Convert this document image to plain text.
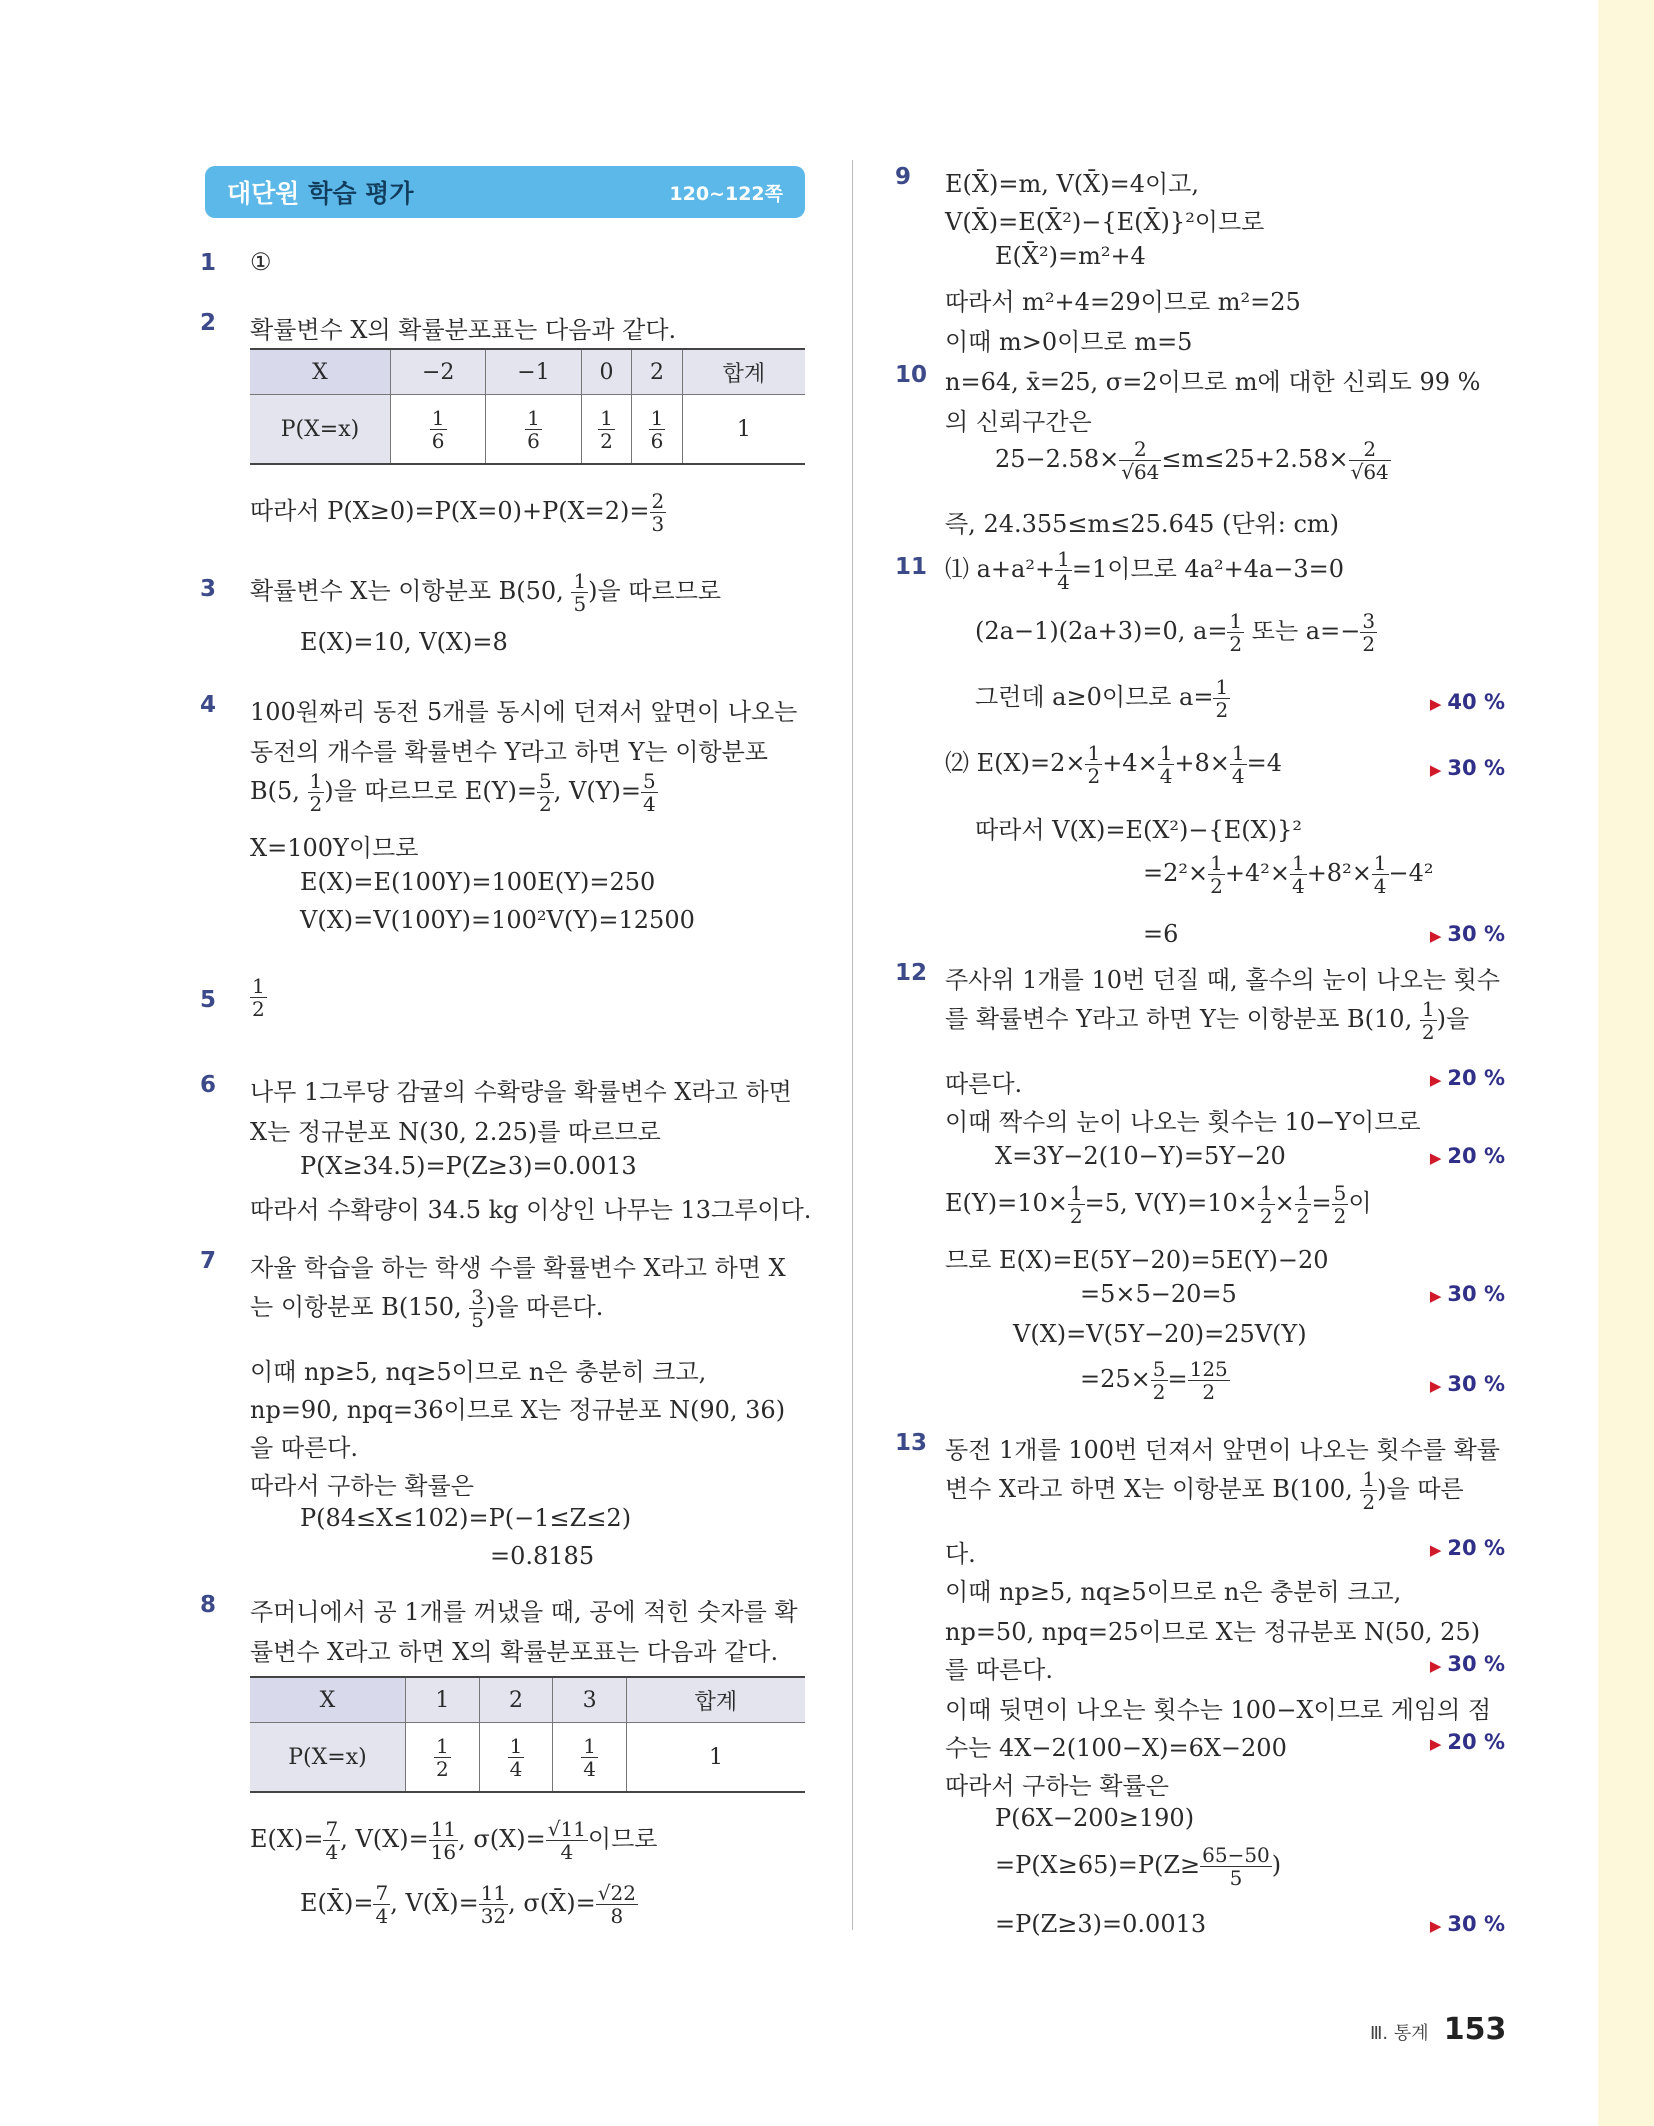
대단원 학습 평가	120~122쪽
1 ①
2 확률변수 X의 확률분포표는 다음과 같다.
X	−2	−1	0	2	합계
P(X=x)	$\frac{1}{6}$	$\frac{1}{6}$	$\frac{1}{2}$	$\frac{1}{6}$	1
따라서 $P(X\ge 0)=P(X=0)+P(X=2)= \frac{2}{3}$
3 확률변수 X는 이항분포 B(50, $\frac{1}{5}$ )을 따르므로
E(X)=10, V(X)=8
4 100원짜리 동전 5개를 동시에 던져서 앞면이 나오는
동전의 개수를 확률변수 Y라고 하면 Y는 이항분포
B(5, $\frac{1}{2}$ )을 따르므로 $E(Y)= \frac{5}{2}$ , $V(Y)= \frac{5}{4}$
X=100Y이므로
E(X)=E(100Y)=100E(Y)=250
V(X)=V(100Y)=100²V(Y)=12500
$5 \frac{1}{2}$
6 나무 1그루당 감귤의 수확량을 확률변수 X라고 하면
X는 정규분포 N(30, 2.25)를 따르므로
P(X≥34.5)=P(Z≥3)=0.0013
따라서 수확량이 34.5 kg 이상인 나무는 13그루이다.
7 자율 학습을 하는 학생 수를 확률변수 X라고 하면 X
는 이항분포 B(150, $\frac{3}{5}$ )을 따른다.
이때 np≥5, nq≥5이므로 n은 충분히 크고,
np=90, npq=36이므로 X는 정규분포 N(90, 36)
을 따른다.
따라서 구하는 확률은
P(84≤X≤102)=P(−1≤Z≤2)
=0.8185
8 주머니에서 공 1개를 꺼냈을 때, 공에 적힌 숫자를 확
률변수 X라고 하면 X의 확률분포표는 다음과 같다.
X	1	2	3	합계
P(X=x)	$\frac{1}{2}$	$\frac{1}{4}$	$\frac{1}{4}$	1
$E(X)= \frac{7}{4}$ , $V(X)= \frac{11}{16}$ , $\sigma(X)= \frac{√11}{4}$ 이므로
E(X̄)= $\frac{7}{4}$ , V(X̄)= $\frac{11}{32}$ , σ(X̄)= $\frac{√22}{8}$
9 E(X̄)=m, V(X̄)=4이고,
V(X̄)=E(X̄²)−{E(X̄)}²이므로
E(X̄²)=m²+4
따라서 m²+4=29이므로 m²=25
이때 m>0이므로 m=5
10 n=64, x̄=25, σ=2이므로 m에 대한 신뢰도 99 %
의 신뢰구간은
$25-2.58\times \frac{2}{√64} \le m\le 25+2.58\times \frac{2}{√64}$
즉, 24.355≤m≤25.645 (단위: cm)
11 ⑴ $a+a^2+ \frac{1}{4} =1$이므로 4a²+4a−3=0
(2a−1)(2a+3)=0, $a= \frac{1}{2}$ 또는 $a=- \frac{3}{2}$
그런데 a≥0이므로 $a= \frac{1}{2}$	▶ 40 %
⑵ $E(X)=2\times \frac{1}{2} +4\times \frac{1}{4} +8\times \frac{1}{4} =4$	▶ 30 %
따라서 V(X)=E(X²)−{E(X)}²
$=2^2\times \frac{1}{2} +4^2\times \frac{1}{4} +8^2\times \frac{1}{4} -4^2$
=6	▶ 30 %
12 주사위 1개를 10번 던질 때, 홀수의 눈이 나오는 횟수
를 확률변수 Y라고 하면 Y는 이항분포 B(10, $\frac{1}{2}$ )을
따른다.	▶ 20 %
이때 짝수의 눈이 나오는 횟수는 10−Y이므로
X=3Y−2(10−Y)=5Y−20	▶ 20 %
$E(Y)=10\times \frac{1}{2} =5$, $V(Y)=10\times \frac{1}{2} \times \frac{1}{2} = \frac{5}{2}$ 이
므로 E(X)=E(5Y−20)=5E(Y)−20
=5×5−20=5	▶ 30 %
V(X)=V(5Y−20)=25V(Y)
$=25\times \frac{5}{2} = \frac{125}{2}$	▶ 30 %
13 동전 1개를 100번 던져서 앞면이 나오는 횟수를 확률
변수 X라고 하면 X는 이항분포 B(100, $\frac{1}{2}$ )을 따른
다.	▶ 20 %
이때 np≥5, nq≥5이므로 n은 충분히 크고,
np=50, npq=25이므로 X는 정규분포 N(50, 25)
를 따른다.	▶ 30 %
이때 뒷면이 나오는 횟수는 100−X이므로 게임의 점
수는 4X−2(100−X)=6X−200	▶ 20 %
따라서 구하는 확률은
P(6X−200≥190)
$=P(X\ge 65)=P(Z\ge \frac{65-50}{5}$ )
=P(Z≥3)=0.0013	▶ 30 %
Ⅲ. 통계 153
